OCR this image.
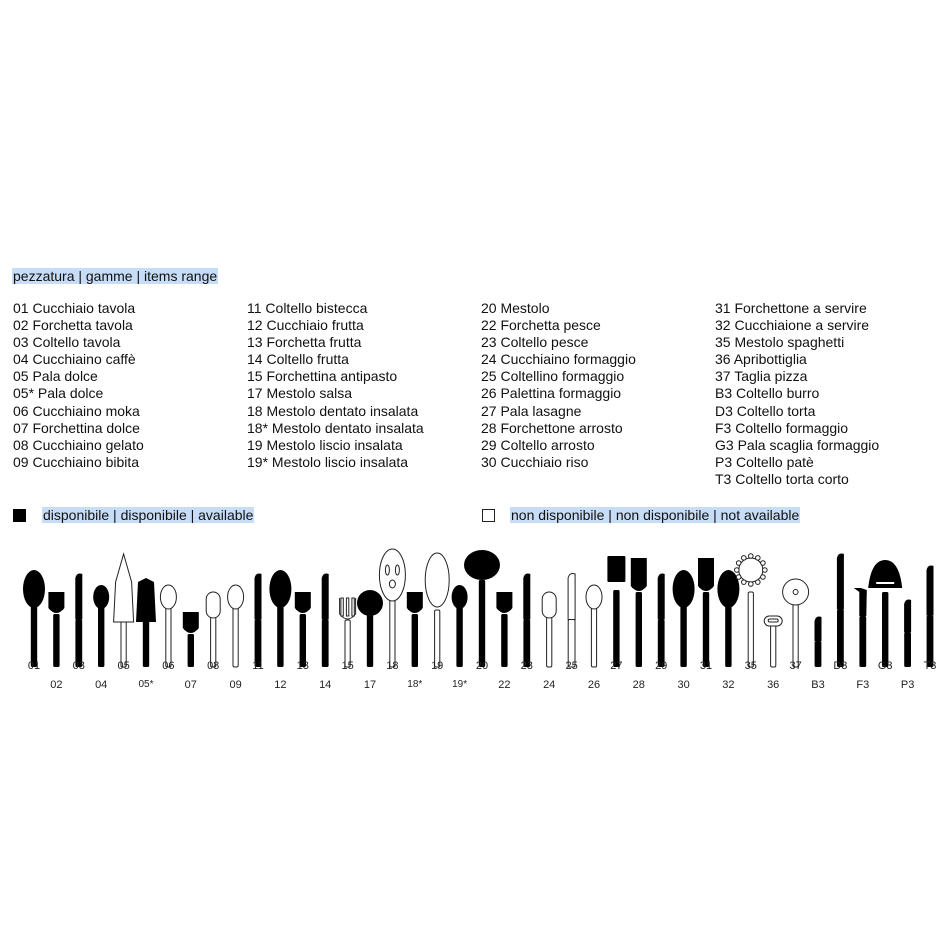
pezzatura | gamme | items range
01 Cucchiaio tavola
02 Forchetta tavola
03 Coltello tavola
04 Cucchiaino caffè
05 Pala dolce
05* Pala dolce
06 Cucchiaino moka
07 Forchettina dolce
08 Cucchiaino gelato
09 Cucchiaino bibita
11 Coltello bistecca
12 Cucchiaio frutta
13 Forchetta frutta
14 Coltello frutta
15 Forchettina antipasto
17 Mestolo salsa
18 Mestolo dentato insalata
18* Mestolo dentato insalata
19 Mestolo liscio insalata
19* Mestolo liscio insalata
20 Mestolo
22 Forchetta pesce
23 Coltello pesce
24 Cucchiaino formaggio
25 Coltellino formaggio
26 Palettina formaggio
27 Pala lasagne
28 Forchettone arrosto
29 Coltello arrosto
30 Cucchiaio riso
31 Forchettone a servire
32 Cucchiaione a servire
35 Mestolo spaghetti
36 Apribottiglia
37 Taglia pizza
B3 Coltello burro
D3 Coltello torta
F3 Coltello formaggio
G3 Pala scaglia formaggio
P3 Coltello patè
T3 Coltello torta corto
disponibile | disponibile | available	non disponibile | non disponibile | not available
01
02
03
04
05
05*
06
07
08
09
11
12
13
14
15
17
18
18*
19
19*
20
22
23
24
25
26
27
28
29
30
31
32
35
36
37
B3
D3
F3
G3
P3
T3
